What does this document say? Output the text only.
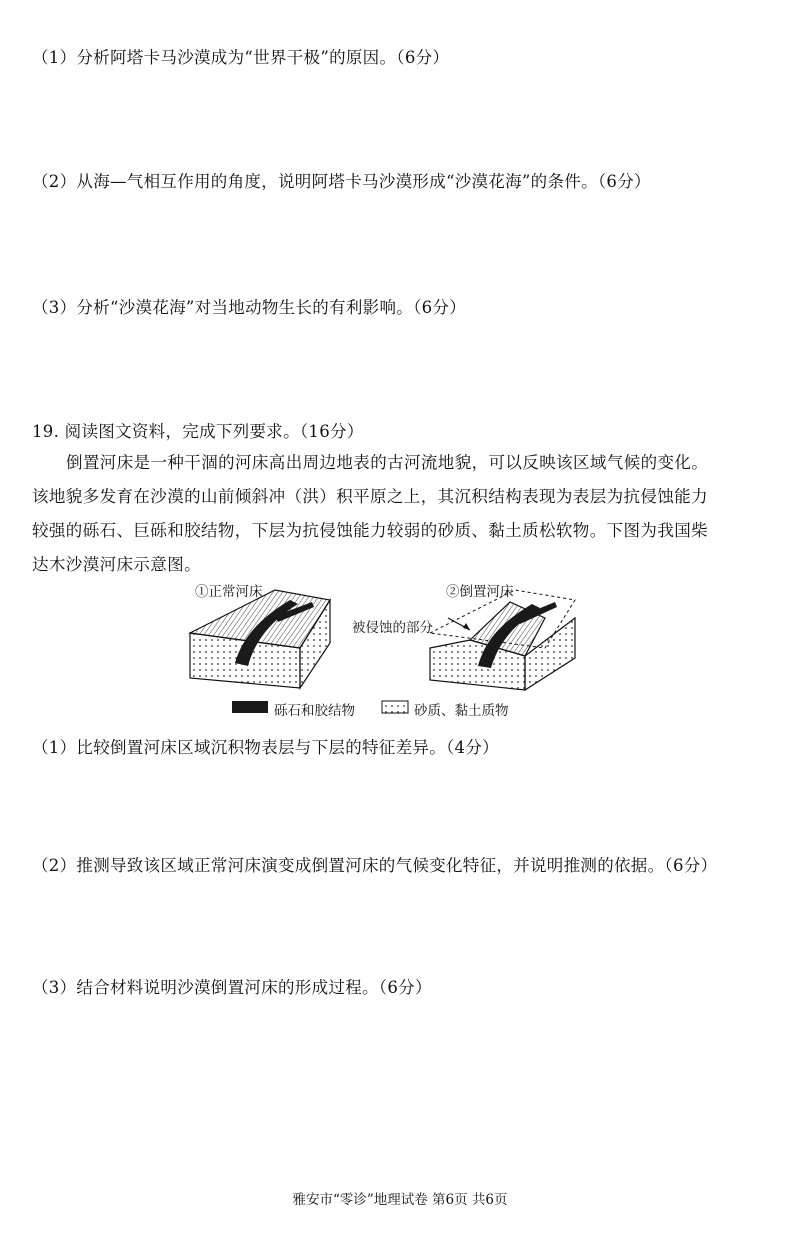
（1）分析阿塔卡马沙漠成为“世界干极”的原因。（6分）
（2）从海—气相互作用的角度，说明阿塔卡马沙漠形成“沙漠花海”的条件。（6分）
（3）分析“沙漠花海”对当地动物生长的有利影响。（6分）
19. 阅读图文资料，完成下列要求。（16分）
倒置河床是一种干涸的河床高出周边地表的古河流地貌，可以反映该区域气候的变化。
该地貌多发育在沙漠的山前倾斜冲（洪）积平原之上，其沉积结构表现为表层为抗侵蚀能力
较强的砾石、巨砾和胶结物，下层为抗侵蚀能力较弱的砂质、黏土质松软物。下图为我国柴
达木沙漠河床示意图。
①正常河床	②倒置河床
被侵蚀的部分
砾石和胶结物	砂质、黏土质物
（1）比较倒置河床区域沉积物表层与下层的特征差异。（4分）
（2）推测导致该区域正常河床演变成倒置河床的气候变化特征，并说明推测的依据。（6分）
（3）结合材料说明沙漠倒置河床的形成过程。（6分）
雅安市“零诊”地理试卷 第6页 共6页
